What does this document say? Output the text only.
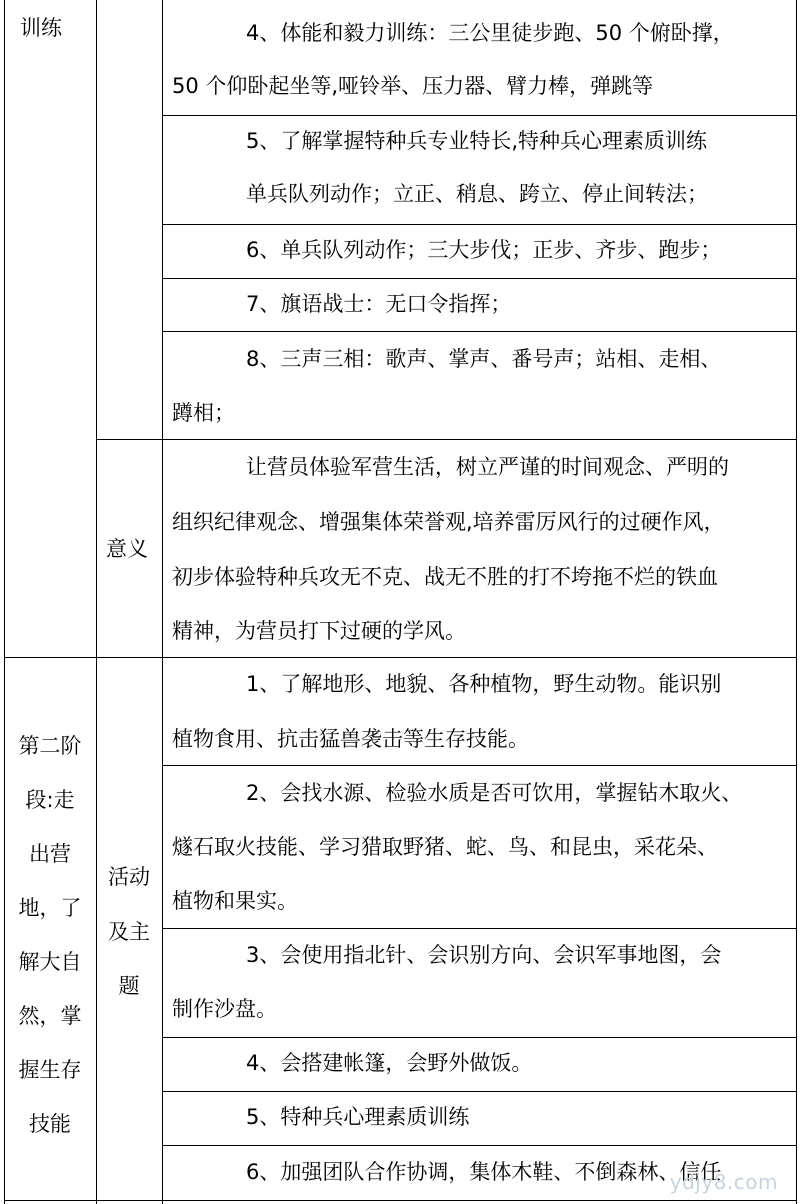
训练	4、体能和毅力训练：三公里徒步跑、50 个俯卧撑，
50 个仰卧起坐等,哑铃举、压力器、臂力棒，弹跳等
5、了解掌握特种兵专业特长,特种兵心理素质训练
单兵队列动作；立正、稍息、跨立、停止间转法；
6、单兵队列动作；三大步伐；正步、齐步、跑步；
7、旗语战士：无口令指挥；
8、三声三相：歌声、掌声、番号声；站相、走相、
蹲相；
意义
让营员体验军营生活，树立严谨的时间观念、严明的
组织纪律观念、增强集体荣誉观,培养雷厉风行的过硬作风，
初步体验特种兵攻无不克、战无不胜的打不垮拖不烂的铁血
精神，为营员打下过硬的学风。
第二阶
段:走
出营
地，了
解大自
然，掌
握生存
技能
活动
及主
题
1、了解地形、地貌、各种植物，野生动物。能识别
植物食用、抗击猛兽袭击等生存技能。
2、会找水源、检验水质是否可饮用，掌握钻木取火、
燧石取火技能、学习猎取野猪、蛇、鸟、和昆虫，采花朵、
植物和果实。
3、会使用指北针、会识别方向、会识军事地图，会
制作沙盘。
4、会搭建帐篷，会野外做饭。
5、特种兵心理素质训练
6、加强团队合作协调，集体木鞋、不倒森林、信任
ydjy8.com
